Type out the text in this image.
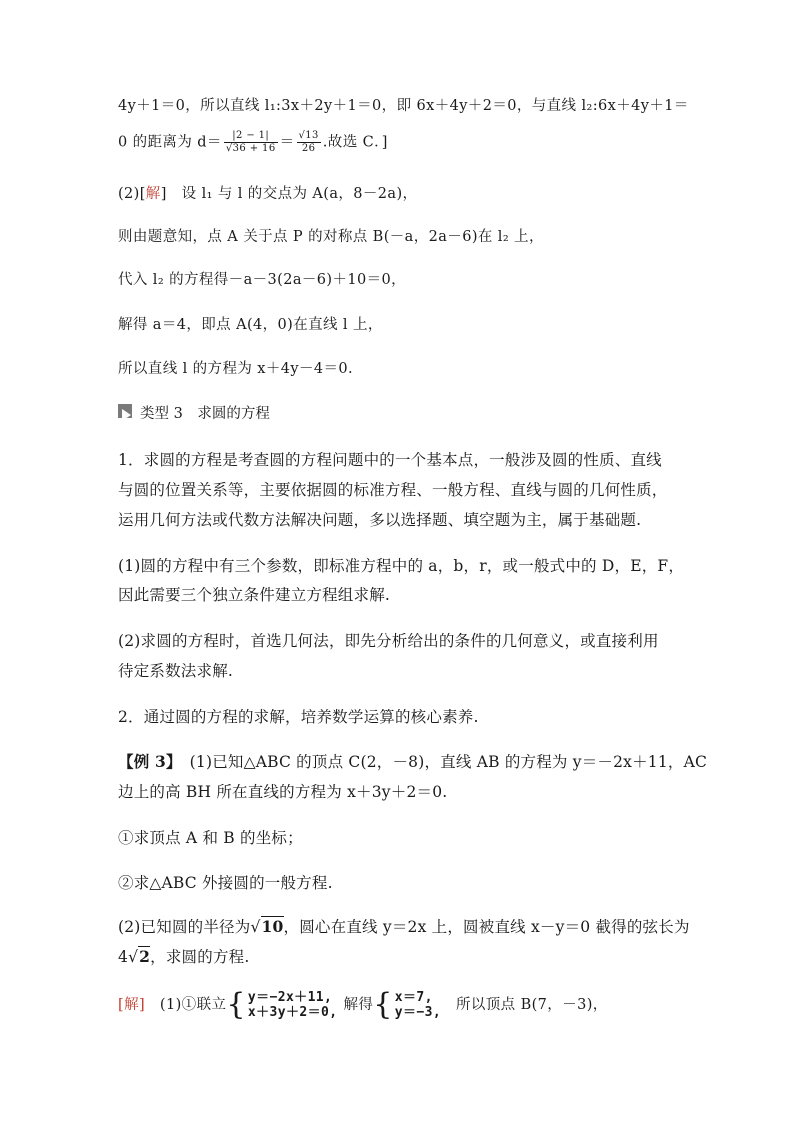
4y＋1＝0，所以直线 l₁:3x＋2y＋1＝0，即 6x＋4y＋2＝0，与直线 l₂:6x＋4y＋1＝
0 的距离为 $d= \frac{|2 - 1|}{√36 + 16} = \frac{√13}{26}$ .故选 C．]
(2)[解]　设 l₁ 与 l 的交点为 A(a，8－2a)，
则由题意知，点 A 关于点 P 的对称点 B(－a，2a－6)在 l₂ 上，
代入 l₂ 的方程得－a－3(2a－6)＋10＝0，
解得 a＝4，即点 A(4，0)在直线 l 上，
所以直线 l 的方程为 x＋4y－4＝0.
类型 3　 求圆的方程
1．求圆的方程是考查圆的方程问题中的一个基本点，一般涉及圆的性质、直线
与圆的位置关系等，主要依据圆的标准方程、一般方程、直线与圆的几何性质，
运用几何方法或代数方法解决问题，多以选择题、填空题为主，属于基础题.
(1)圆的方程中有三个参数，即标准方程中的 a，b，r，或一般式中的 D，E，F，
因此需要三个独立条件建立方程组求解.
(2)求圆的方程时，首选几何法，即先分析给出的条件的几何意义，或直接利用
待定系数法求解.
2．通过圆的方程的求解，培养数学运算的核心素养.
【例 3】　(1)已知△ABC 的顶点 C(2，－8)，直线 AB 的方程为 y＝－2x＋11，AC
边上的高 BH 所在直线的方程为 x＋3y＋2＝0.
①求顶点 A 和 B 的坐标；
②求△ABC 外接圆的一般方程.
(2)已知圆的半径为√10，圆心在直线 y＝2x 上，圆被直线 x－y＝0 截得的弦长为
4√2，求圆的方程.
[解]　(1)①联立{ y＝−2x＋11,
x＋3y＋2＝0, 解得{ x＝7,
y＝−3, 　所以顶点 B(7，－3)，
